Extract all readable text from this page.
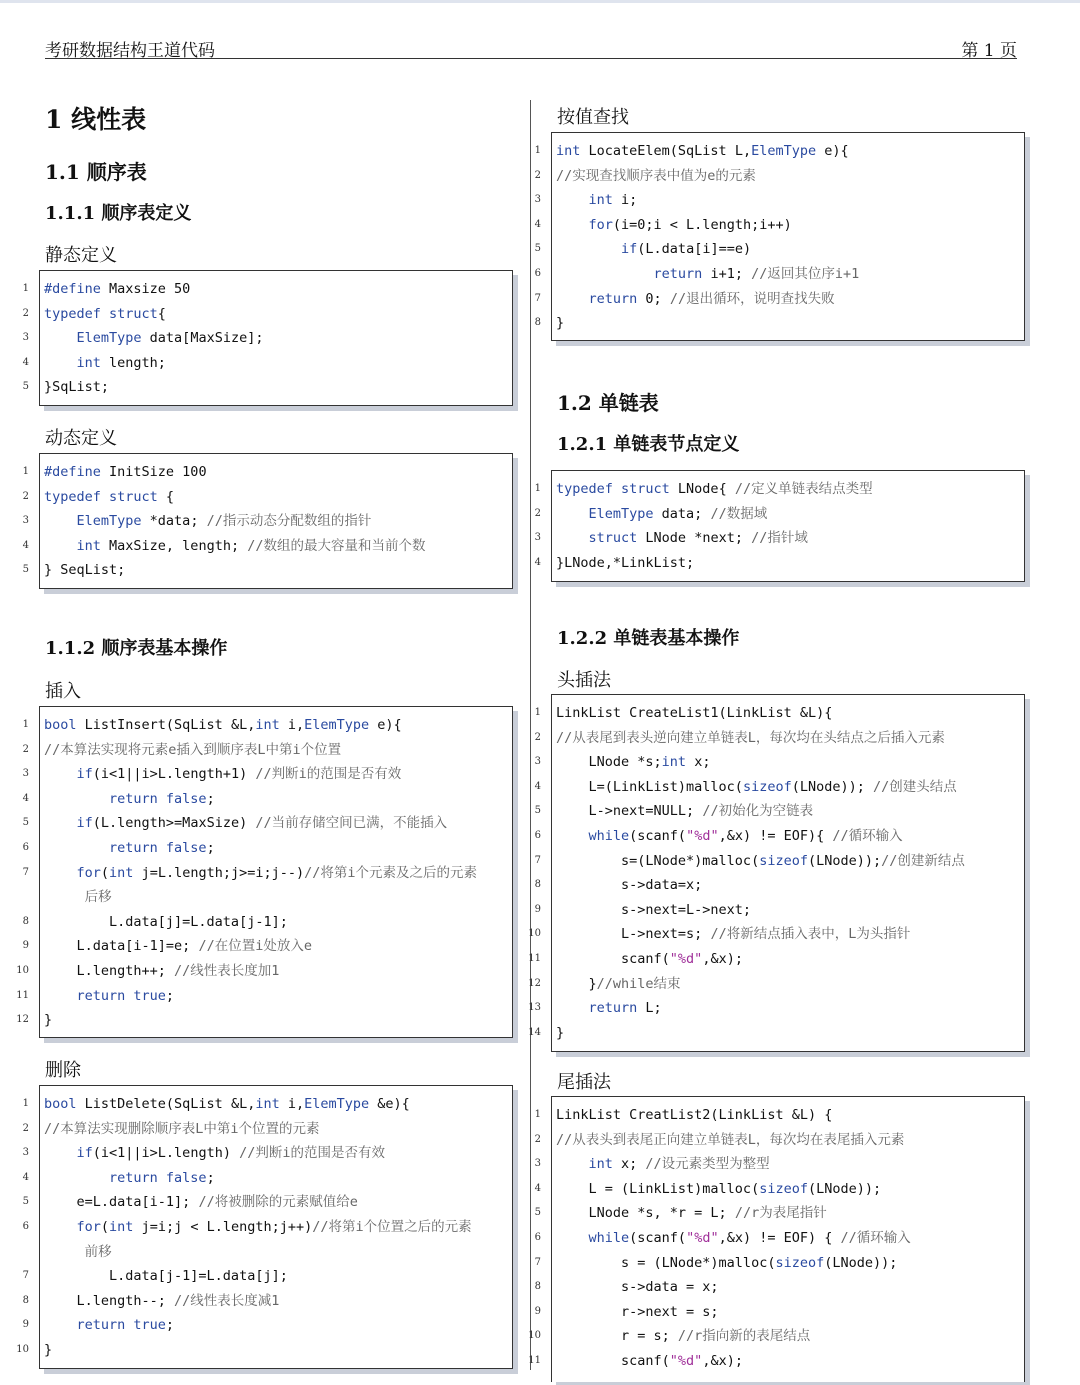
考研数据结构王道代码	第 1 页
1 线性表
1.1 顺序表
1.1.1 顺序表定义
静态定义
#define Maxsize 50
typedef struct{
ElemType data[MaxSize];
int length;
}SqList;
动态定义
#define InitSize 100
typedef struct {
ElemType *data; //指示动态分配数组的指针
int MaxSize, length; //数组的最大容量和当前个数
} SeqList;
1.1.2 顺序表基本操作
插入
bool ListInsert(SqList &L,int i,ElemType e){
//本算法实现将元素e插入到顺序表L中第i个位置
if(i<1||i>L.length+1) //判断i的范围是否有效
return false;
if(L.length>=MaxSize) //当前存储空间已满，不能插入
return false;
for(int j=L.length;j>=i;j--)//将第i个元素及之后的元素
后移
L.data[j]=L.data[j-1];
L.data[i-1]=e; //在位置i处放入e
L.length++; //线性表长度加1
return true;
}
删除
bool ListDelete(SqList &L,int i,ElemType &e){
//本算法实现删除顺序表L中第i个位置的元素
if(i<1||i>L.length) //判断i的范围是否有效
return false;
e=L.data[i-1]; //将被删除的元素赋值给e
for(int j=i;j < L.length;j++)//将第i个位置之后的元素
前移
L.data[j-1]=L.data[j];
L.length--; //线性表长度减1
return true;
}
按值查找
int LocateElem(SqList L,ElemType e){
//实现查找顺序表中值为e的元素
int i;
for(i=0;i < L.length;i++)
if(L.data[i]==e)
return i+1; //返回其位序i+1
return 0; //退出循环，说明查找失败
}
1.2 单链表
1.2.1 单链表节点定义
typedef struct LNode{ //定义单链表结点类型
ElemType data; //数据域
struct LNode *next; //指针域
}LNode,*LinkList;
1.2.2 单链表基本操作
头插法
LinkList CreateList1(LinkList &L){
//从表尾到表头逆向建立单链表L，每次均在头结点之后插入元素
LNode *s;int x;
L=(LinkList)malloc(sizeof(LNode)); //创建头结点
L->next=NULL; //初始化为空链表
while(scanf("%d",&x) != EOF){ //循环输入
s=(LNode*)malloc(sizeof(LNode));//创建新结点
s->data=x;
s->next=L->next;
L->next=s; //将新结点插入表中，L为头指针
scanf("%d",&x);
}//while结束
return L;
}
尾插法
LinkList CreatList2(LinkList &L) {
//从表头到表尾正向建立单链表L，每次均在表尾插入元素
int x; //设元素类型为整型
L = (LinkList)malloc(sizeof(LNode));
LNode *s, *r = L; //r为表尾指针
while(scanf("%d",&x) != EOF) { //循环输入
s = (LNode*)malloc(sizeof(LNode));
s->data = x;
r->next = s;
r = s; //r指向新的表尾结点
scanf("%d",&x);
1
2
3
4
5
1
2
3
4
5
1
2
3
4
5
6
7
8
9
10
11
12
1
2
3
4
5
6
7
8
9
10
1
2
3
4
5
6
7
8
1
2
3
4
1
2
3
4
5
6
7
8
9
10
11
12
13
14
1
2
3
4
5
6
7
8
9
10
11
